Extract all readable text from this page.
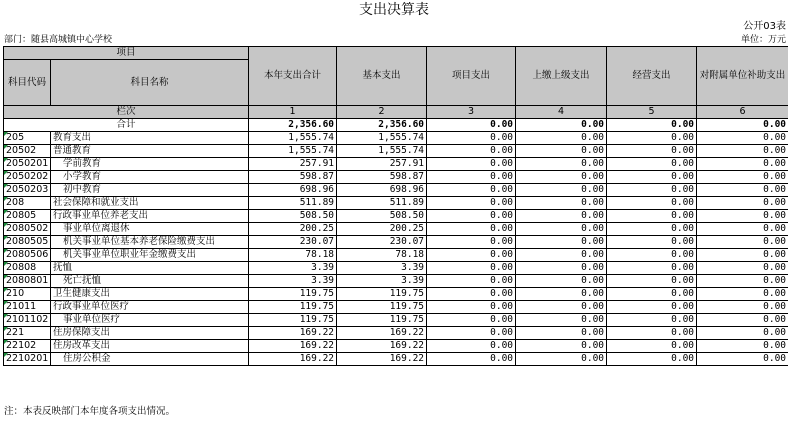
支出决算表
公开03表
部门：随县高城镇中心学校	单位：万元
项目		本年支出合计	基本支出	项目支出	上缴上级支出	经营支出	对附属单位补助支出
科目代码	科目名称						
栏次		1	2	3	4	5	6
合计		2,356.60	2,356.60	0.00	0.00	0.00	0.00
205	教育支出	1,555.74	1,555.74	0.00	0.00	0.00	0.00
20502	普通教育	1,555.74	1,555.74	0.00	0.00	0.00	0.00
2050201	学前教育	257.91	257.91	0.00	0.00	0.00	0.00
2050202	小学教育	598.87	598.87	0.00	0.00	0.00	0.00
2050203	初中教育	698.96	698.96	0.00	0.00	0.00	0.00
208	社会保障和就业支出	511.89	511.89	0.00	0.00	0.00	0.00
20805	行政事业单位养老支出	508.50	508.50	0.00	0.00	0.00	0.00
2080502	事业单位离退休	200.25	200.25	0.00	0.00	0.00	0.00
2080505	机关事业单位基本养老保险缴费支出	230.07	230.07	0.00	0.00	0.00	0.00
2080506	机关事业单位职业年金缴费支出	78.18	78.18	0.00	0.00	0.00	0.00
20808	抚恤	3.39	3.39	0.00	0.00	0.00	0.00
2080801	死亡抚恤	3.39	3.39	0.00	0.00	0.00	0.00
210	卫生健康支出	119.75	119.75	0.00	0.00	0.00	0.00
21011	行政事业单位医疗	119.75	119.75	0.00	0.00	0.00	0.00
2101102	事业单位医疗	119.75	119.75	0.00	0.00	0.00	0.00
221	住房保障支出	169.22	169.22	0.00	0.00	0.00	0.00
22102	住房改革支出	169.22	169.22	0.00	0.00	0.00	0.00
2210201	住房公积金	169.22	169.22	0.00	0.00	0.00	0.00
注：本表反映部门本年度各项支出情况。
